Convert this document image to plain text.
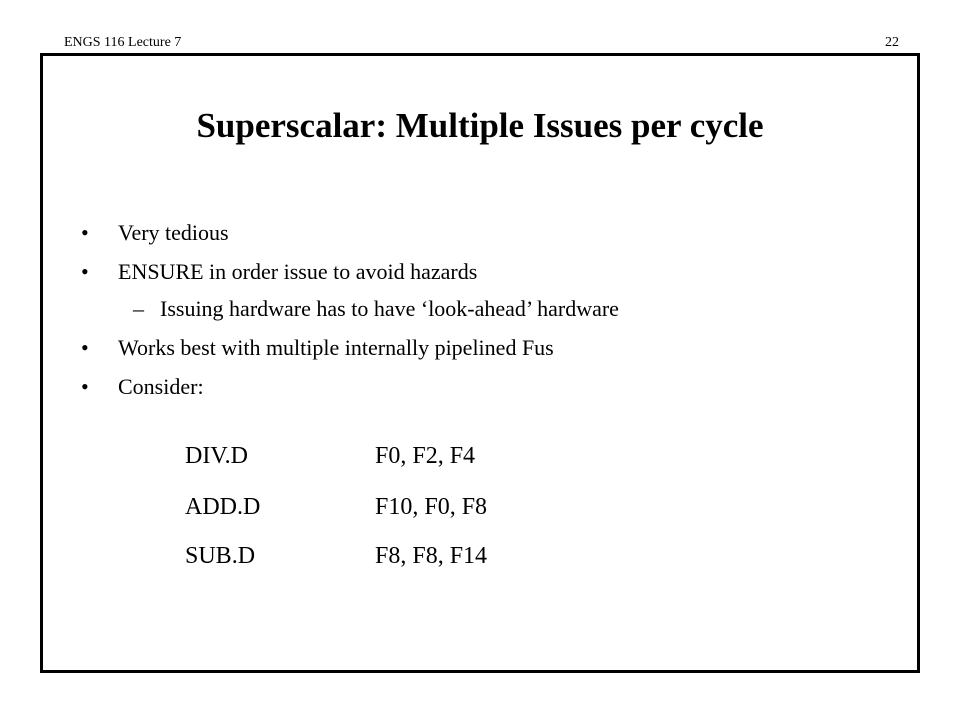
ENGS 116 Lecture 7	22
Superscalar: Multiple Issues per cycle
• Very tedious
• ENSURE in order issue to avoid hazards
– Issuing hardware has to have ‘look-ahead’ hardware
• Works best with multiple internally pipelined Fus
• Consider:
DIV.D	F0, F2, F4
ADD.D	F10, F0, F8
SUB.D	F8, F8, F14
